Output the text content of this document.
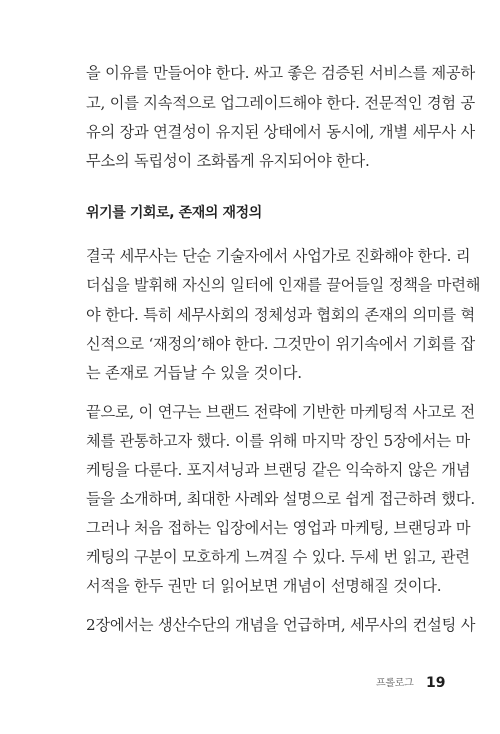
을 이유를 만들어야 한다. 싸고 좋은 검증된 서비스를 제공하
고, 이를 지속적으로 업그레이드해야 한다. 전문적인 경험 공
유의 장과 연결성이 유지된 상태에서 동시에, 개별 세무사 사
무소의 독립성이 조화롭게 유지되어야 한다.
위기를 기회로, 존재의 재정의
결국 세무사는 단순 기술자에서 사업가로 진화해야 한다. 리
더십을 발휘해 자신의 일터에 인재를 끌어들일 정책을 마련해
야 한다. 특히 세무사회의 정체성과 협회의 존재의 의미를 혁
신적으로 ‘재정의’해야 한다. 그것만이 위기속에서 기회를 잡
는 존재로 거듭날 수 있을 것이다.
끝으로, 이 연구는 브랜드 전략에 기반한 마케팅적 사고로 전
체를 관통하고자 했다. 이를 위해 마지막 장인 5장에서는 마
케팅을 다룬다. 포지셔닝과 브랜딩 같은 익숙하지 않은 개념
들을 소개하며, 최대한 사례와 설명으로 쉽게 접근하려 했다.
그러나 처음 접하는 입장에서는 영업과 마케팅, 브랜딩과 마
케팅의 구분이 모호하게 느껴질 수 있다. 두세 번 읽고, 관련
서적을 한두 권만 더 읽어보면 개념이 선명해질 것이다.
2장에서는 생산수단의 개념을 언급하며, 세무사의 컨설팅 사
프롤로그 19
